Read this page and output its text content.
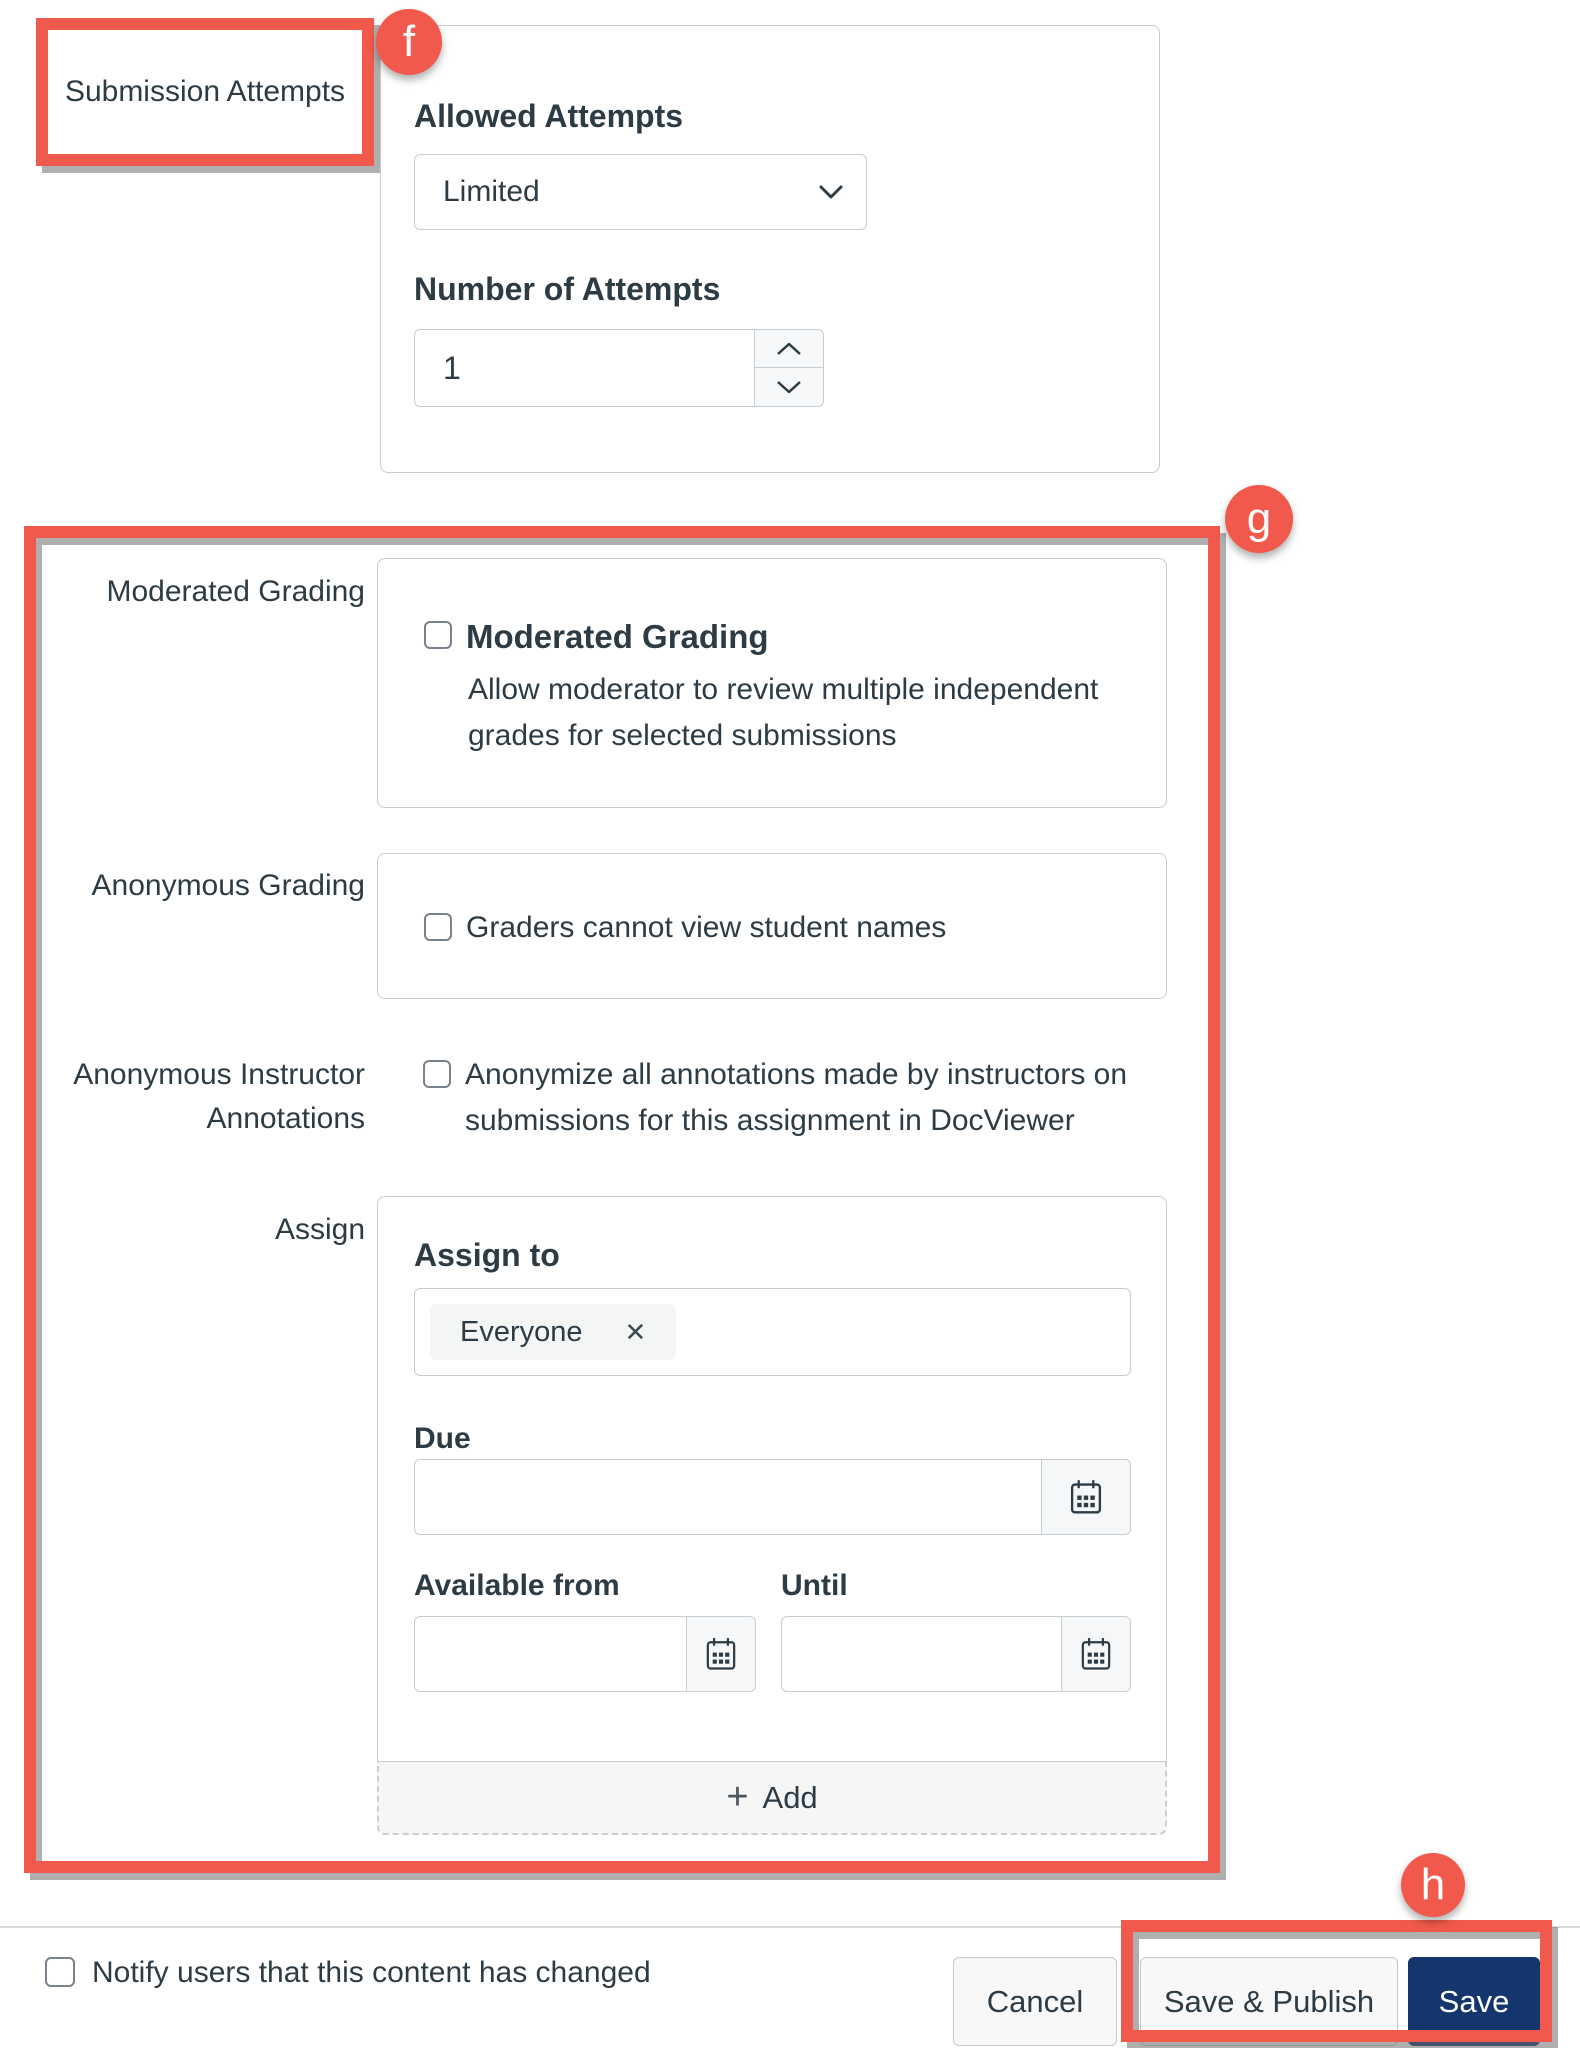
Allowed Attempts
Limited
Number of Attempts
1
Moderated Grading
Moderated Grading
Allow moderator to review multiple independent grades for selected submissions
Anonymous Grading
Graders cannot view student names
Anonymous Instructor Annotations
Anonymize all annotations made by instructors on submissions for this assignment in DocViewer
Assign
Assign to
Everyone ✕
Due
Available from	Until
+ Add
Notify users that this content has changed
Cancel	Save & Publish Save
Submission Attempts
f
g
h
